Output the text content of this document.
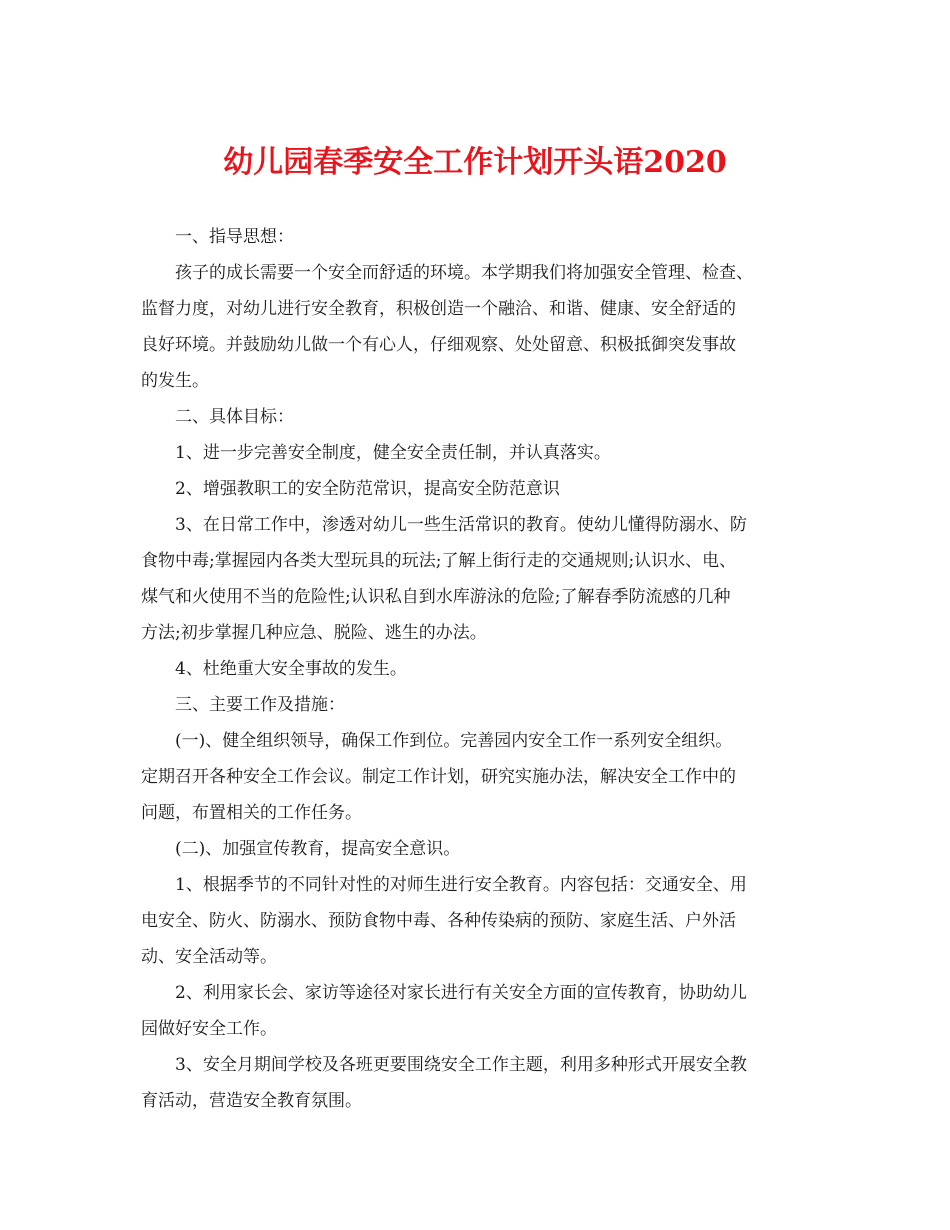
幼儿园春季安全工作计划开头语2020

一、指导思想：

孩子的成长需要一个安全而舒适的环境。本学期我们将加强安全管理、检查、

监督力度，对幼儿进行安全教育，积极创造一个融洽、和谐、健康、安全舒适的
良好环境。并鼓励幼儿做一个有心人，仔细观察、处处留意、积极抵御突发事故
的发生。

二、具体目标：

1、进一步完善安全制度，健全安全责任制，并认真落实。

2、增强教职工的安全防范常识，提高安全防范意识

3、在日常工作中，渗透对幼儿一些生活常识的教育。使幼儿懂得防溺水、防

食物中毒;掌握园内各类大型玩具的玩法;了解上街行走的交通规则;认识水、电、
煤气和火使用不当的危险性;认识私自到水库游泳的危险;了解春季防流感的几种
方法;初步掌握几种应急、脱险、逃生的办法。

4、杜绝重大安全事故的发生。

三、主要工作及措施：

(一)、健全组织领导，确保工作到位。完善园内安全工作一系列安全组织。

定期召开各种安全工作会议。制定工作计划，研究实施办法，解决安全工作中的
问题，布置相关的工作任务。

(二)、加强宣传教育，提高安全意识。

1、根据季节的不同针对性的对师生进行安全教育。内容包括：交通安全、用

电安全、防火、防溺水、预防食物中毒、各种传染病的预防、家庭生活、户外活
动、安全活动等。

2、利用家长会、家访等途径对家长进行有关安全方面的宣传教育，协助幼儿

园做好安全工作。

3、安全月期间学校及各班更要围绕安全工作主题，利用多种形式开展安全教

育活动，营造安全教育氛围。
